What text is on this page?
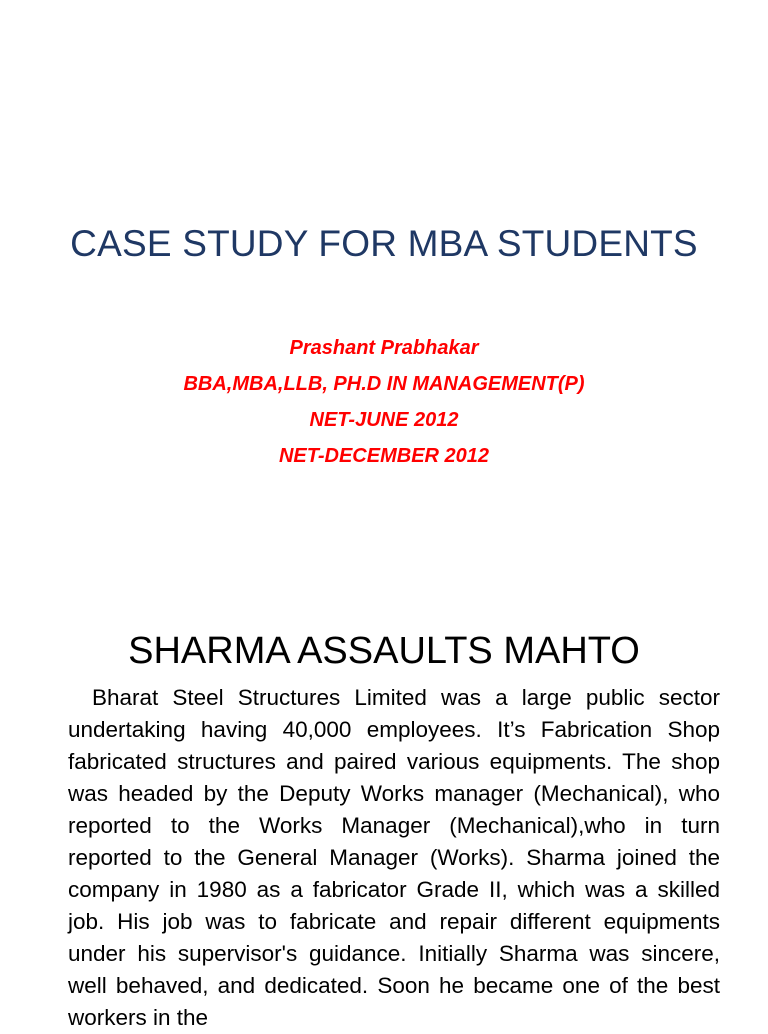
CASE STUDY FOR MBA STUDENTS
Prashant Prabhakar
BBA,MBA,LLB, PH.D IN MANAGEMENT(P)
NET-JUNE 2012
NET-DECEMBER 2012
SHARMA ASSAULTS MAHTO

Bharat Steel Structures Limited was a large public sector undertaking having 40,000 employees. It’s Fabrication Shop fabricated structures and paired various equipments. The shop was headed by the Deputy Works manager (Mechanical), who reported to the Works Manager (Mechanical),who in turn reported to the General Manager (Works). Sharma joined the company in 1980 as a fabricator Grade II, which was a skilled job. His job was to fabricate and repair different equipments under his supervisor's guidance. Initially Sharma was sincere, well behaved, and dedicated. Soon he became one of the best workers in the
